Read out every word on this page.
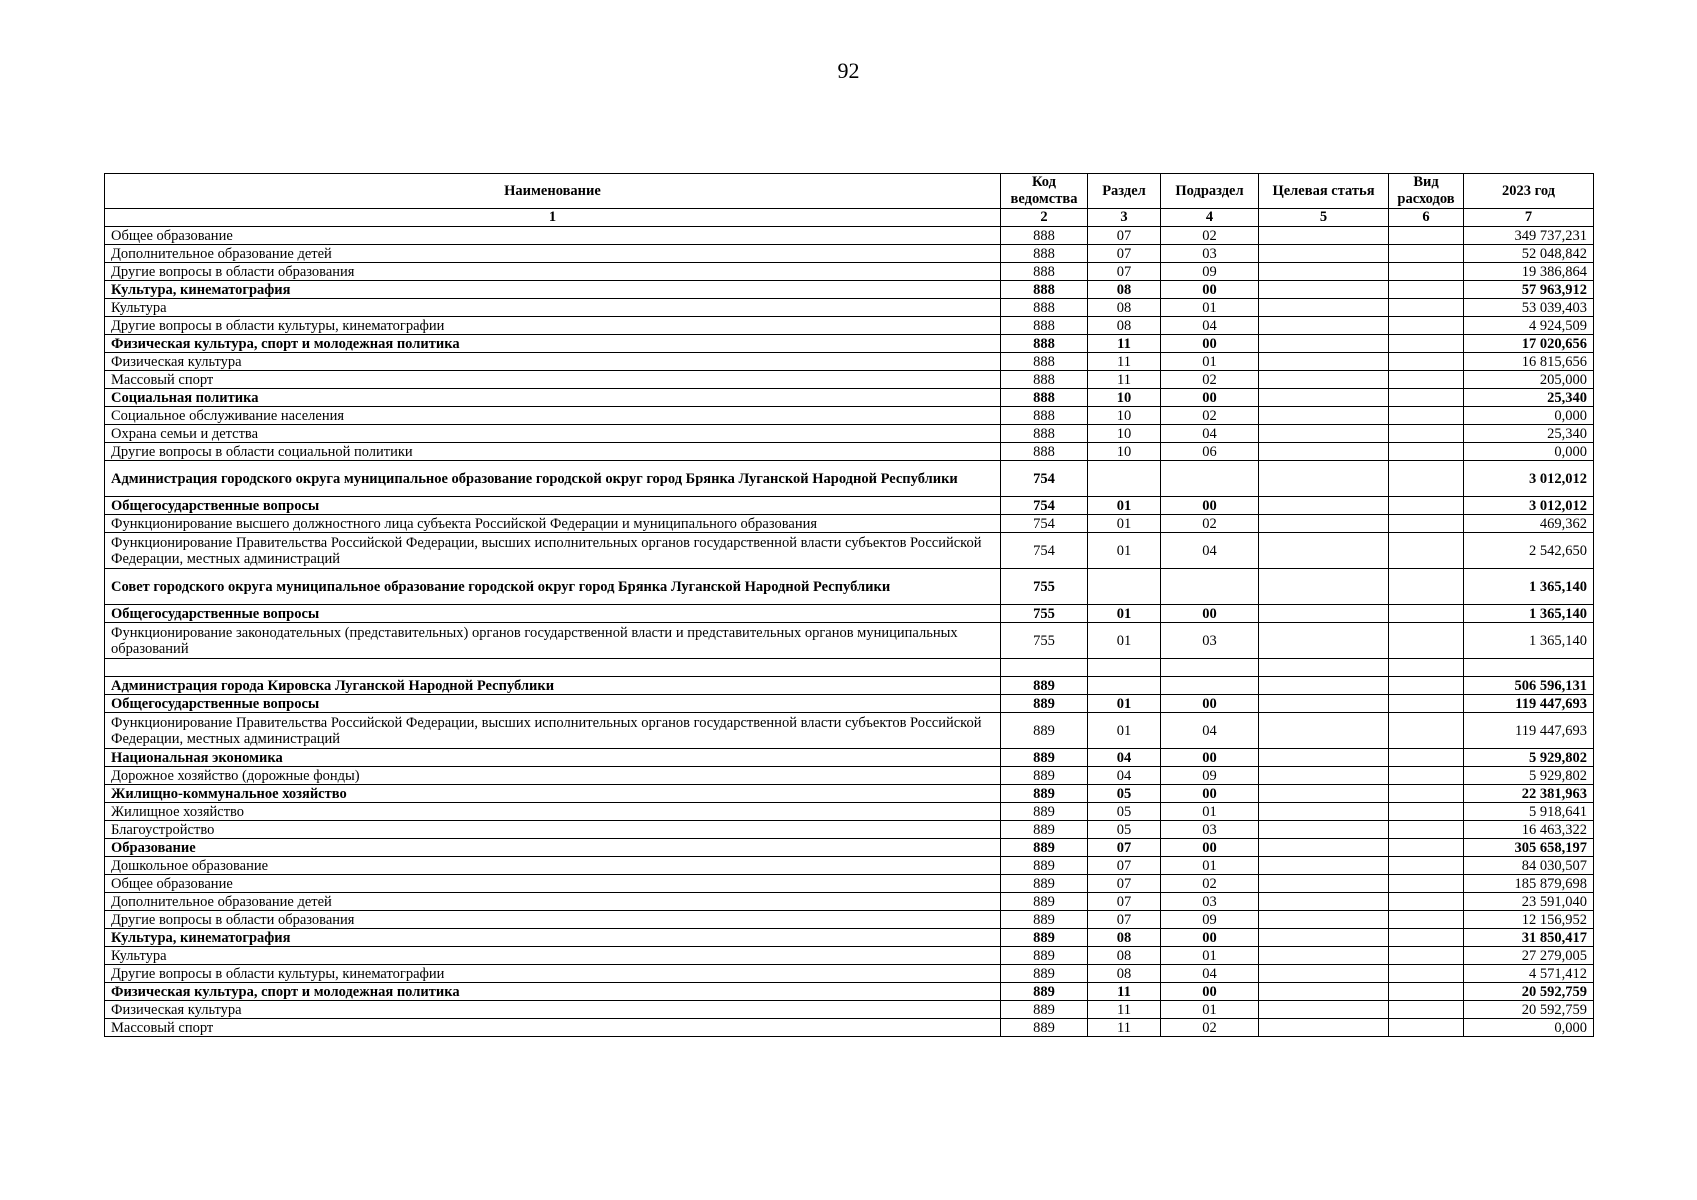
92
Наименование	Код ведомства	Раздел	Подраздел	Целевая статья	Вид расходов	2023 год
1	2	3	4	5	6	7
Общее образование	888	07	02			349 737,231
Дополнительное образование детей	888	07	03			52 048,842
Другие вопросы в области образования	888	07	09			19 386,864
Культура, кинематография	888	08	00			57 963,912
Культура	888	08	01			53 039,403
Другие вопросы в области культуры, кинематографии	888	08	04			4 924,509
Физическая культура, спорт и молодежная политика	888	11	00			17 020,656
Физическая культура	888	11	01			16 815,656
Массовый спорт	888	11	02			205,000
Социальная политика	888	10	00			25,340
Социальное обслуживание населения	888	10	02			0,000
Охрана семьи и детства	888	10	04			25,340
Другие вопросы в области социальной политики	888	10	06			0,000
Администрация городского округа муниципальное образование городской округ город Брянка Луганской Народной Республики	754					3 012,012
Общегосударственные вопросы	754	01	00			3 012,012
Функционирование высшего должностного лица субъекта Российской Федерации и муниципального образования	754	01	02			469,362
Функционирование Правительства Российской Федерации, высших исполнительных органов государственной власти субъектов Российской Федерации, местных администраций	754	01	04			2 542,650
Совет городского округа муниципальное образование городской округ город Брянка Луганской Народной Республики	755					1 365,140
Общегосударственные вопросы	755	01	00			1 365,140
Функционирование законодательных (представительных) органов государственной власти и представительных органов муниципальных образований	755	01	03			1 365,140

Администрация города Кировска Луганской Народной Республики	889					506 596,131
Общегосударственные вопросы	889	01	00			119 447,693
Функционирование Правительства Российской Федерации, высших исполнительных органов государственной власти субъектов Российской Федерации, местных администраций	889	01	04			119 447,693
Национальная экономика	889	04	00			5 929,802
Дорожное хозяйство (дорожные фонды)	889	04	09			5 929,802
Жилищно-коммунальное хозяйство	889	05	00			22 381,963
Жилищное хозяйство	889	05	01			5 918,641
Благоустройство	889	05	03			16 463,322
Образование	889	07	00			305 658,197
Дошкольное образование	889	07	01			84 030,507
Общее образование	889	07	02			185 879,698
Дополнительное образование детей	889	07	03			23 591,040
Другие вопросы в области образования	889	07	09			12 156,952
Культура, кинематография	889	08	00			31 850,417
Культура	889	08	01			27 279,005
Другие вопросы в области культуры, кинематографии	889	08	04			4 571,412
Физическая культура, спорт и молодежная политика	889	11	00			20 592,759
Физическая культура	889	11	01			20 592,759
Массовый спорт	889	11	02			0,000
